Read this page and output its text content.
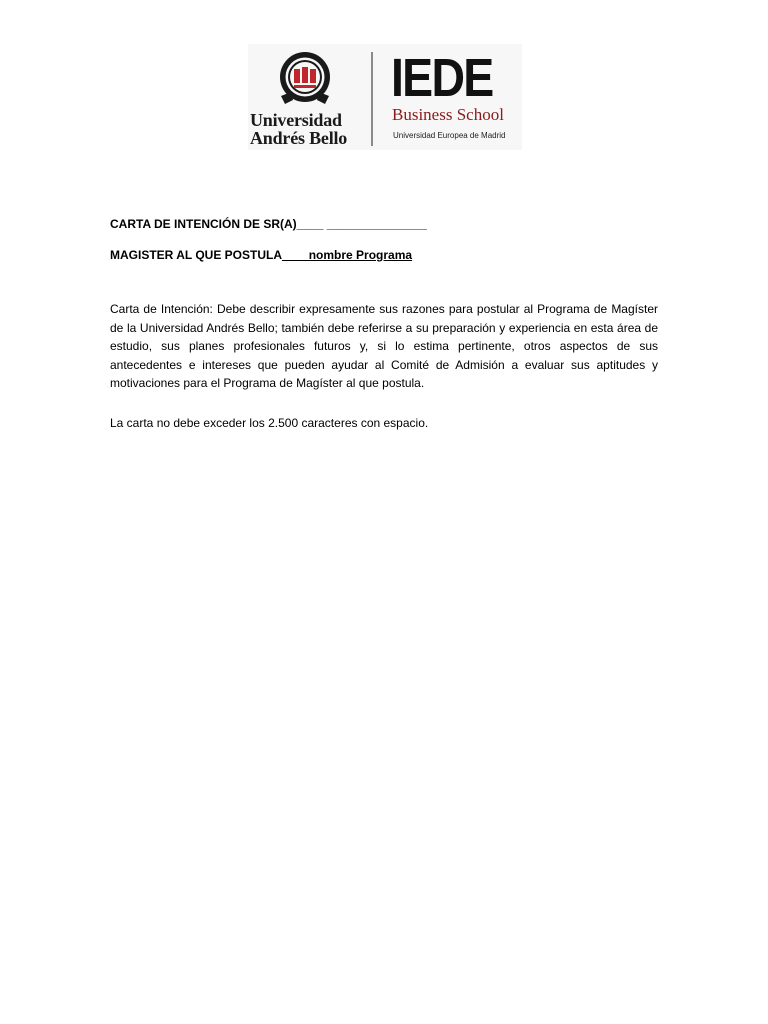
Universidad
Andrés Bello
IEDE
Business School
Universidad Europea de Madrid
CARTA DE INTENCIÓN DE SR(A)____ _______________
MAGISTER AL QUE POSTULA____nombre Programa

Carta de Intención: Debe describir expresamente sus razones para postular al Programa de Magíster de la Universidad Andrés Bello; también debe referirse a su preparación y experiencia en esta área de estudio, sus planes profesionales futuros y, si lo estima pertinente, otros aspectos de sus antecedentes e intereses que pueden ayudar al Comité de Admisión a evaluar sus aptitudes y motivaciones para el Programa de Magíster al que postula.

La carta no debe exceder los 2.500 caracteres con espacio.
